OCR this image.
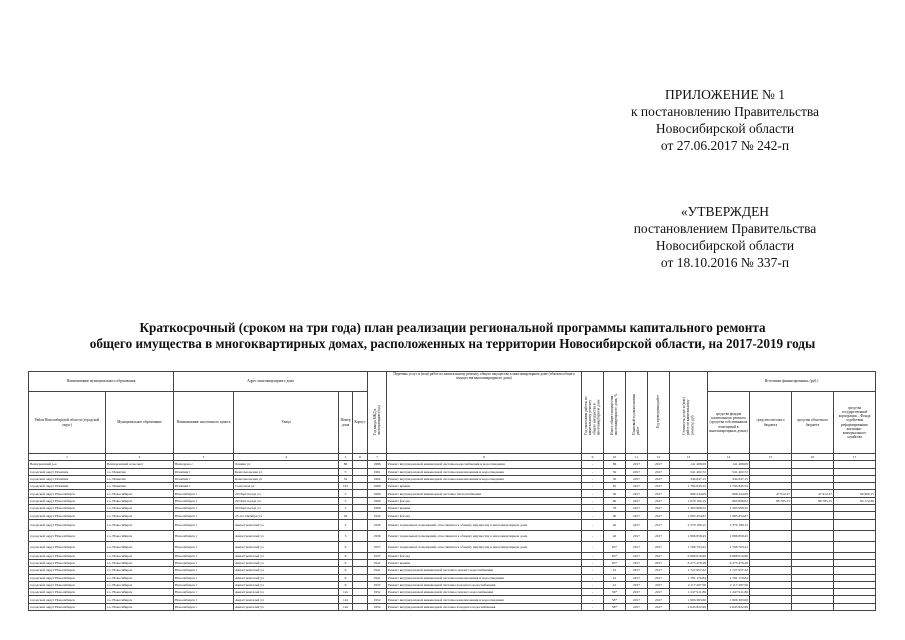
ПРИЛОЖЕНИЕ № 1
к постановлению Правительства
Новосибирской области
от 27.06.2017 № 242-п
«УТВЕРЖДЕН
постановлением Правительства
Новосибирской области
от 18.10.2016 № 337-п
Краткосрочный (сроком на три года) план реализации региональной программы капитального ремонта
общего имущества в многоквартирных домах, расположенных на территории Новосибирской области, на 2017-2019 годы
Наименование муниципального образования		Адрес многоквартирного дома				Год ввода МКД в эксплуатацию (год)	Перечень услуг и (или) работ по капитальному ремонту общего имущества в многоквартирном доме (объекты общего имущества многоквартирного дома)	Год окончания работы по капитальному ремонту общего имущества в многоквартирном доме	Износ общего имущества многоквартирного дома, %	Плановый год выполнения работ	Год проведения работ	Стоимость услуг и (или) работ по капитальному ремонту, руб.	Источники финансирования, (руб.)			
Район Новосибирской области (городской округ)	Муниципальное образование	Наименование населенного пункта	Улица	Номер дома	Корпус								средства фондов капитального ремонта (средства собственников помещений в многоквартирных домах)	средства местного бюджета	средства областного бюджета	средства государственной корпорации – Фонда содействия реформированию жилищно-коммунального хозяйства
1	2	3	4	5	6	7	8	9	10	11	12	13	14	15	16	17
Венгеровский р-н	Венгеровский сельсовет	Венгерово с	Ленина ул	80		1986	Ремонт внутридомовой инженерной системы водоснабжения и водоотведения	-	86	2017	2017	141 489,09	141 489,09			
городской округ Искитим	г.о. Искитим	Искитим г	Комсомольская ул	5		1961	Ремонт внутридомовой инженерной системы канализования и водоотведения	-	50	2017	2017	541 402,72	541 402,72			
городской округ Искитим	г.о. Искитим	Искитим г	Комсомольская ул	52		1962	Ремонт внутридомовой инженерной системы канализования и водоотведения	-	50	2017	2017	344 647,15	344 647,15			
городской округ Искитим	г.о. Искитим	Искитим г	Советская ул	181		1968	Ремонт крыши	-	65	2017	2017	1 784 845,55	1 784 845,55			
городской округ Новосибирск	г.о. Новосибирск	Новосибирск г	20 Партсъезда ул	5		1966	Ремонт внутридомовой инженерной системы теплоснабжения	-	50	2017	2017	996 244,09	996 244,09	47 912,27	47 912,27	96 900,15
городской округ Новосибирск	г.о. Новосибирск	Новосибирск г	20 Партсъезда ул	5		1966	Ремонт фасада	-	60	2017	2017	1 079 182,15	863 896,61	88 785,15	88 785,15	84 172,66
городской округ Новосибирск	г.о. Новосибирск	Новосибирск г	20 Партсъезда ул	5		1966	Ремонт крыши	-	76	2017	2017	1 363 998,52	1 363 998,52			
городской округ Новосибирск	г.о. Новосибирск	Новосибирск г	25 лет Октября ул	26		1942	Ремонт фасада	-	60	2017	2017	1 083 454,87	1 083 454,87			
городской округ Новосибирск	г.о. Новосибирск	Новосибирск г	Авиастроителей ул	2		1936	Ремонт подвальных помещений, относящихся к общему имуществу в многоквартирном доме	-	40	2017	2017	2 379 180,15	2 379 180,15			
городской округ Новосибирск	г.о. Новосибирск	Новосибирск г	Авиастроителей ул	3		1936	Ремонт подвальных помещений, относящихся к общему имуществу в многоквартирном доме	-	40	2017	2017	1 866 858,45	1 866 858,45			
городской округ Новосибирск	г.о. Новосибирск	Новосибирск г	Авиастроителей ул	6		1937	Ремонт подвальных помещений, относящихся к общему имуществу в многоквартирном доме	-	63*	2017	2017	1 768 703,22	1 768 703,22			
городской округ Новосибирск	г.о. Новосибирск	Новосибирск г	Авиастроителей ул	6		1937	Ремонт фасада	-	63*	2017	2017	9 808 616,60	9 808 616,60			
городской округ Новосибирск	г.о. Новосибирск	Новосибирск г	Авиастроителей ул	9		1941	Ремонт крыши	-	65*	2017	2017	6 275 476,28	6 275 476,28			
городской округ Новосибирск	г.о. Новосибирск	Новосибирск г	Авиастроителей ул	9		1941	Ремонт внутридомовой инженерной системы горячего водоснабжения	-	41	2017	2017	1 727 957,22	1 727 957,22			
городской округ Новосибирск	г.о. Новосибирск	Новосибирск г	Авиастроителей ул	9		1941	Ремонт внутридомовой инженерной системы канализования и водоотведения	-	41	2017	2017	1 781 170,84	1 781 170,84			
городской округ Новосибирск	г.о. Новосибирск	Новосибирск г	Авиастроителей ул	9		1937	Ремонт внутридомовой инженерной системы холодного водоснабжения	-	41	2017	2017	2 117 297,56	2 117 297,56			
городской округ Новосибирск	г.о. Новосибирск	Новосибирск г	Авиастроителей ул	12а		1952	Ремонт внутридомовой инженерной системы горячего водоснабжения	-	56*	2017	2017	1 247 911,86	1 247 911,86			
городской округ Новосибирск	г.о. Новосибирск	Новосибирск г	Авиастроителей ул	12а		1952	Ремонт внутридомовой инженерной системы канализования и водоотведения	-	58*	2017	2017	1 906 363,60	1 906 363,60			
городской округ Новосибирск	г.о. Новосибирск	Новосибирск г	Авиастроителей ул	12а		1952	Ремонт внутридомовой инженерной системы холодного водоснабжения	-	58*	2017	2017	2 645 822,99	2 645 822,99			
